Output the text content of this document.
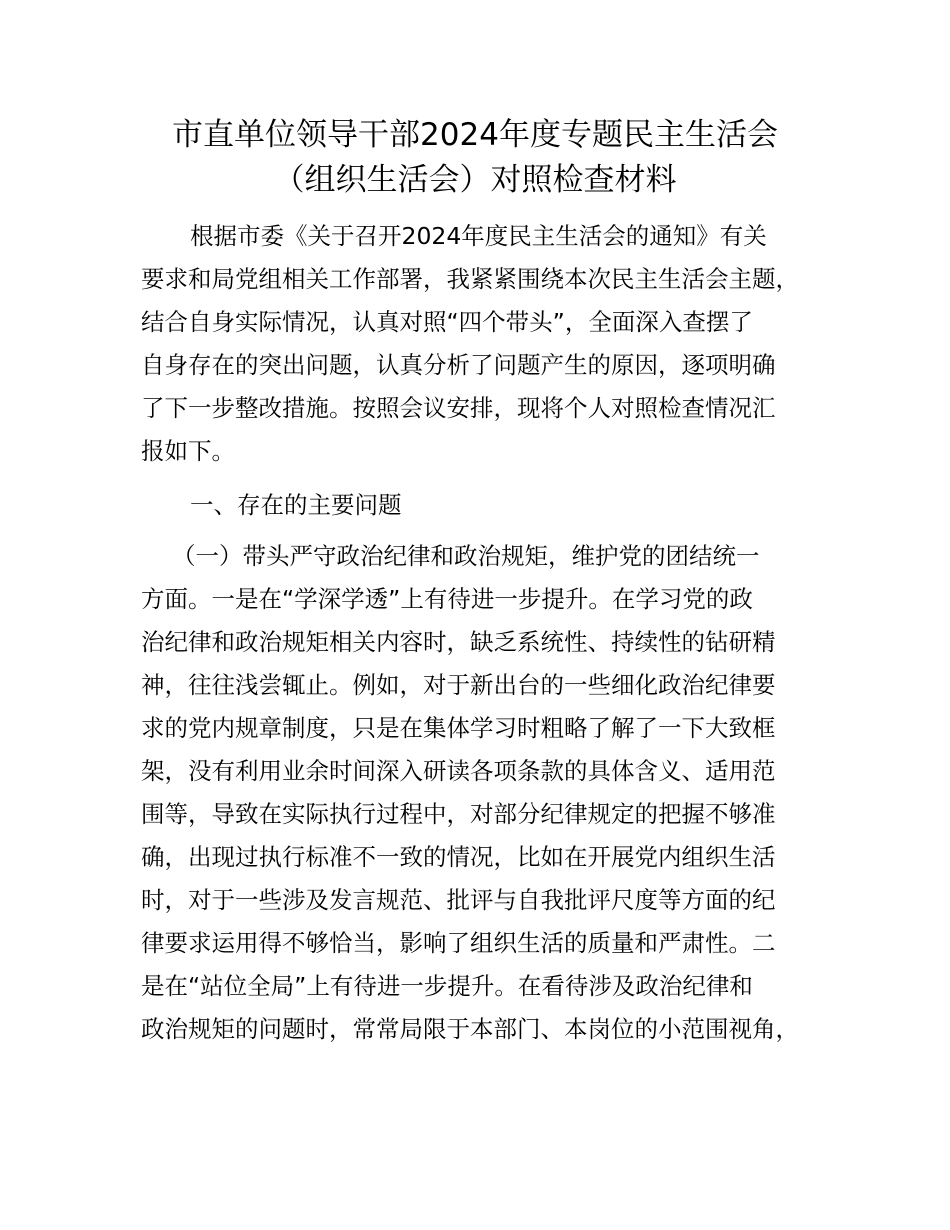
市直单位领导干部2024年度专题民主生活会
（组织生活会）对照检查材料
根据市委《关于召开2024年度民主生活会的通知》有关
要求和局党组相关工作部署，我紧紧围绕本次民主生活会主题，
结合自身实际情况，认真对照“四个带头”，全面深入查摆了
自身存在的突出问题，认真分析了问题产生的原因，逐项明确
了下一步整改措施。按照会议安排，现将个人对照检查情况汇
报如下。
一、存在的主要问题
（一）带头严守政治纪律和政治规矩，维护党的团结统一
方面。一是在“学深学透”上有待进一步提升。在学习党的政
治纪律和政治规矩相关内容时，缺乏系统性、持续性的钻研精
神，往往浅尝辄止。例如，对于新出台的一些细化政治纪律要
求的党内规章制度，只是在集体学习时粗略了解了一下大致框
架，没有利用业余时间深入研读各项条款的具体含义、适用范
围等，导致在实际执行过程中，对部分纪律规定的把握不够准
确，出现过执行标准不一致的情况，比如在开展党内组织生活
时，对于一些涉及发言规范、批评与自我批评尺度等方面的纪
律要求运用得不够恰当，影响了组织生活的质量和严肃性。二
是在“站位全局”上有待进一步提升。在看待涉及政治纪律和
政治规矩的问题时，常常局限于本部门、本岗位的小范围视角，
